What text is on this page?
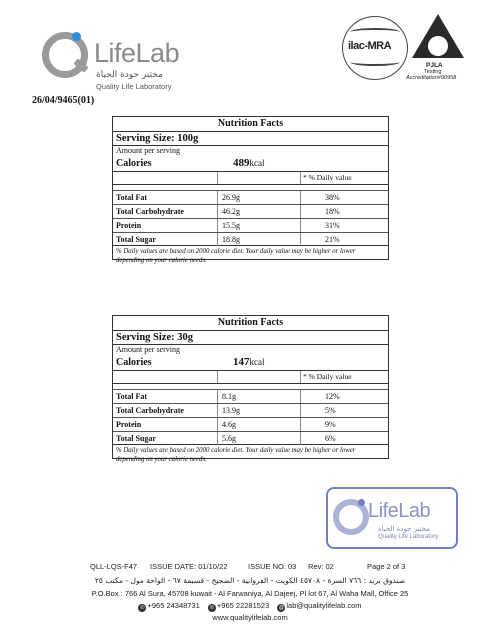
LifeLab
مختبر جودة الحياة
Quality Life Laboratory
ilac-MRA
PJLA
Testing
Accreditation#90958
26/04/9465(01)
Nutrition Facts
Serving Size: 100g
Amount per serving
Calories	489kcal
* % Daily value
Total Fat	26.9g	38%
Total Carbohydrate	46.2g	18%
Protein	15.5g	31%
Total Sugar	18.8g	21%
% Daily values are based on 2000 calorie diet. Your daily value may be higher or lower depending on your calorie needs.
Nutrition Facts
Serving Size: 30g
Amount per serving
Calories	147kcal
* % Daily value
Total Fat	8.1g	12%
Total Carbohydrate	13.9g	5%
Protein	4.6g	9%
Total Sugar	5.6g	6%
% Daily values are based on 2000 calorie diet. Your daily value may be higher or lower depending on your calorie needs.
LifeLab
مختبر جودة الحياة
Quality Life Laboratory
QLL-LQS-F47 ISSUE DATE: 01/10/22	ISSUE NO: 03 Rev: 02	Page 2 of 3
صندوق بريد : ٧٦٦ السرة - ٤٥٧٠٨ الكويت - الفروانية - الضجيج - قسيمة ٦٧ - الواحة مول - مكتب ٢٥
P.O.Box : 766 Al Sura, 45708 kuwait - Al Farwaniya, Al Dajeej, Pl lot 67, Al Waha Mall, Office 25
✆ +965 24348731 ✆ +965 22281523 @ lab@qualitylifelab.com
www.qualitylifelab.com
